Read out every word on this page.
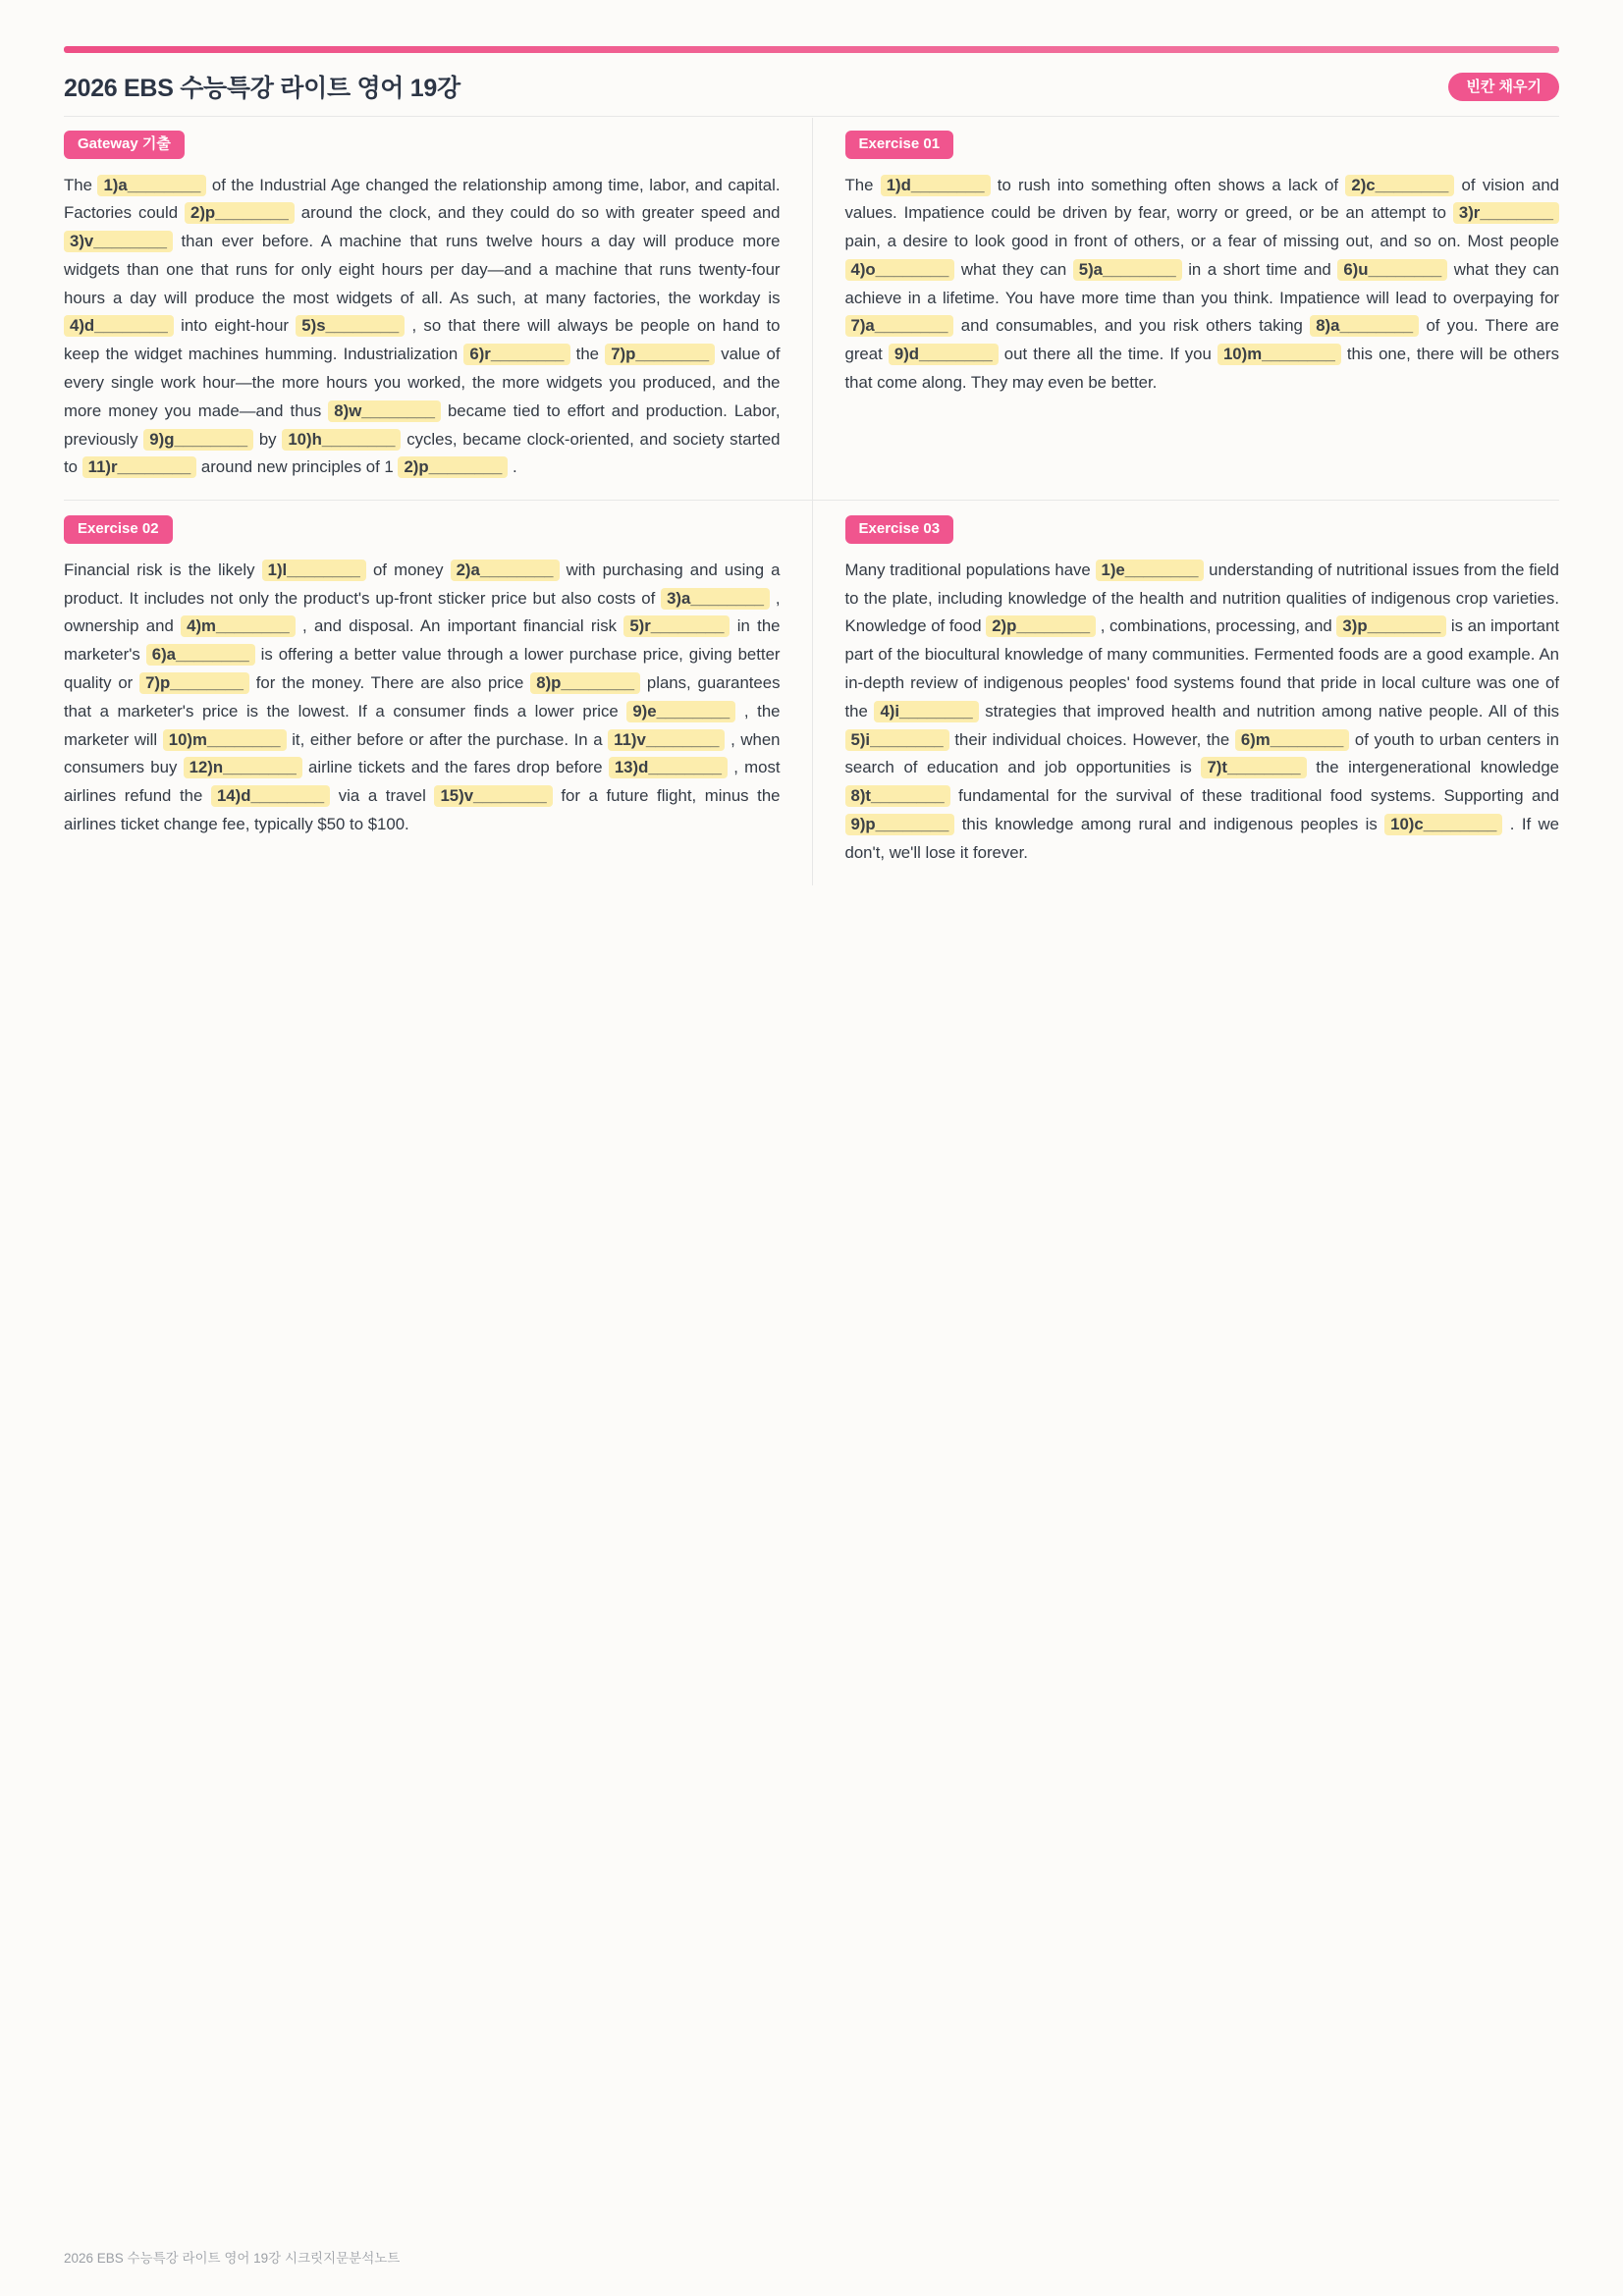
2026 EBS 수능특강 라이트 영어 19강	빈칸 채우기
Gateway 기출

The 1)a________ of the Industrial Age changed the relationship among time, labor, and capital. Factories could 2)p________ around the clock, and they could do so with greater speed and 3)v________ than ever before. A machine that runs twelve hours a day will produce more widgets than one that runs for only eight hours per day—and a machine that runs twenty-four hours a day will produce the most widgets of all. As such, at many factories, the workday is 4)d________ into eight-hour 5)s________ , so that there will always be people on hand to keep the widget machines humming. Industrialization 6)r________ the 7)p________ value of every single work hour—the more hours you worked, the more widgets you produced, and the more money you made—and thus 8)w________ became tied to effort and production. Labor, previously 9)g________ by 10)h________ cycles, became clock-oriented, and society started to 11)r________ around new principles of 1 2)p________ .

Exercise 01

The 1)d________ to rush into something often shows a lack of 2)c________ of vision and values. Impatience could be driven by fear, worry or greed, or be an attempt to 3)r________ pain, a desire to look good in front of others, or a fear of missing out, and so on. Most people 4)o________ what they can 5)a________ in a short time and 6)u________ what they can achieve in a lifetime. You have more time than you think. Impatience will lead to overpaying for 7)a________ and consumables, and you risk others taking 8)a________ of you. There are great 9)d________ out there all the time. If you 10)m________ this one, there will be others that come along. They may even be better.

Exercise 02

Financial risk is the likely 1)l________ of money 2)a________ with purchasing and using a product. It includes not only the product's up-front sticker price but also costs of 3)a________ , ownership and 4)m________ , and disposal. An important financial risk 5)r________ in the marketer's 6)a________ is offering a better value through a lower purchase price, giving better quality or 7)p________ for the money. There are also price 8)p________ plans, guarantees that a marketer's price is the lowest. If a consumer finds a lower price 9)e________ , the marketer will 10)m________ it, either before or after the purchase. In a 11)v________ , when consumers buy 12)n________ airline tickets and the fares drop before 13)d________ , most airlines refund the 14)d________ via a travel 15)v________ for a future flight, minus the airlines ticket change fee, typically $50 to $100.

Exercise 03

Many traditional populations have 1)e________ understanding of nutritional issues from the field to the plate, including knowledge of the health and nutrition qualities of indigenous crop varieties. Knowledge of food 2)p________ , combinations, processing, and 3)p________ is an important part of the biocultural knowledge of many communities. Fermented foods are a good example. An in-depth review of indigenous peoples' food systems found that pride in local culture was one of the 4)i________ strategies that improved health and nutrition among native people. All of this 5)i________ their individual choices. However, the 6)m________ of youth to urban centers in search of education and job opportunities is 7)t________ the intergenerational knowledge 8)t________ fundamental for the survival of these traditional food systems. Supporting and 9)p________ this knowledge among rural and indigenous peoples is 10)c________ . If we don't, we'll lose it forever.

2026 EBS 수능특강 라이트 영어 19강 시크릿지문분석노트
